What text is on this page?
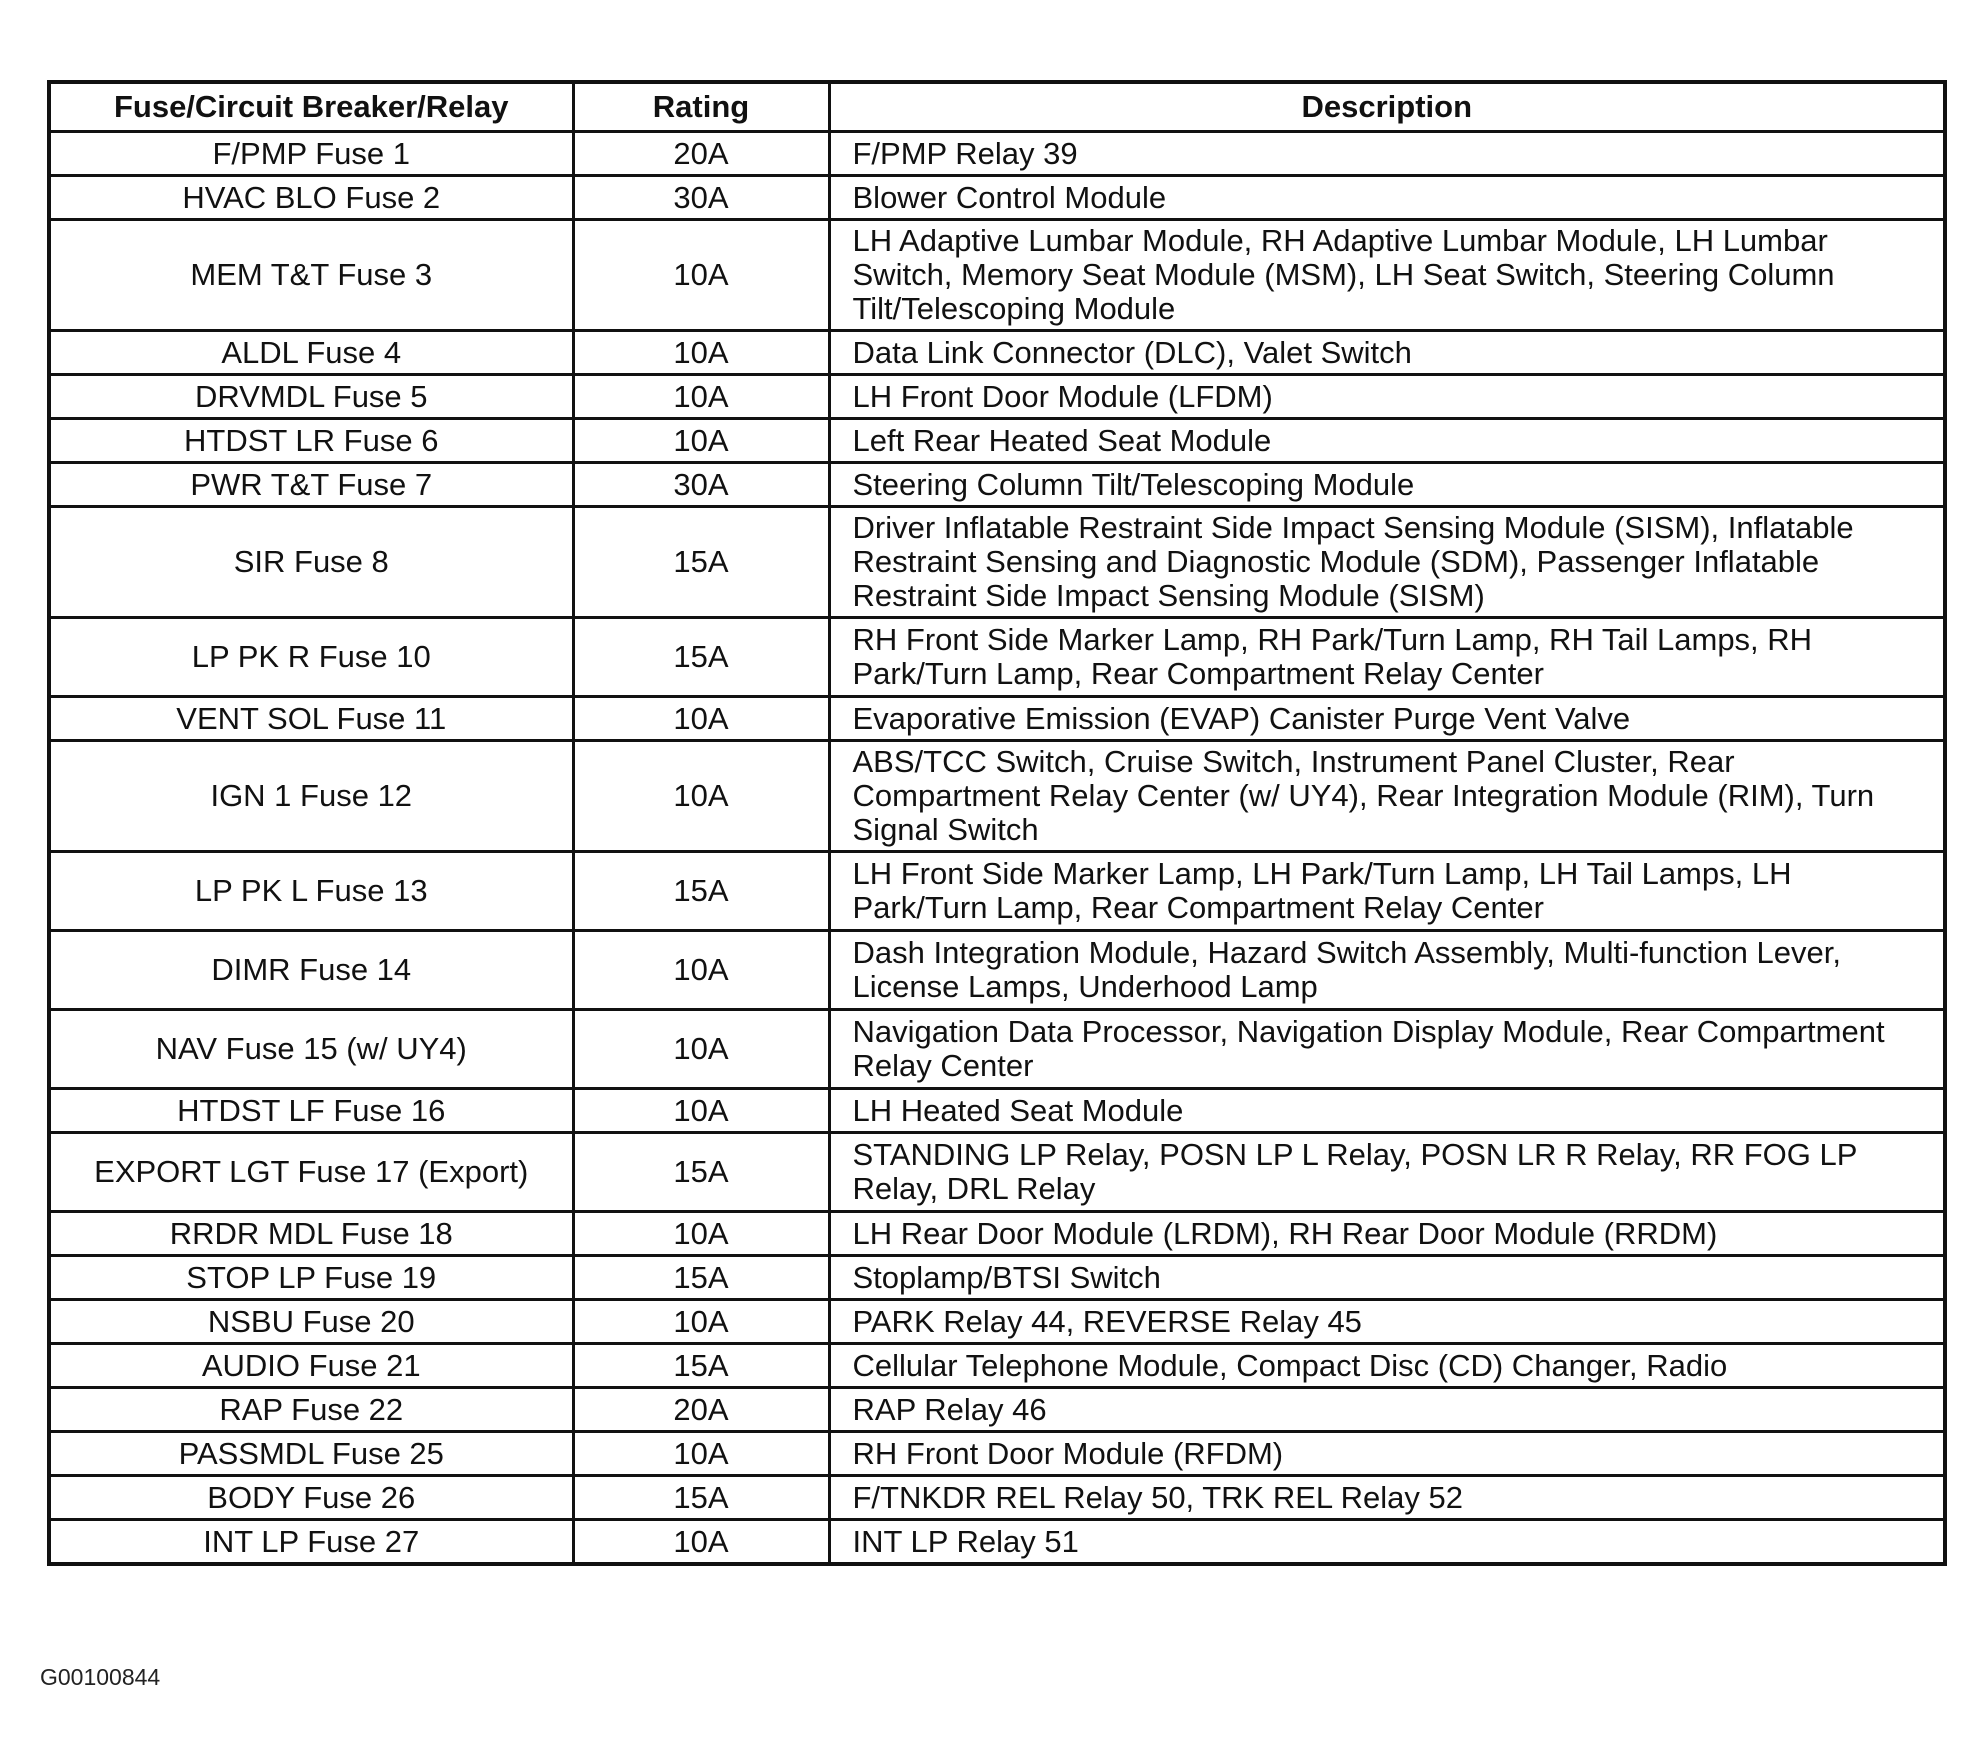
Fuse/Circuit Breaker/Relay	Rating	Description
F/PMP Fuse 1	20A	F/PMP Relay 39
HVAC BLO Fuse 2	30A	Blower Control Module
MEM T&T Fuse 3	10A	LH Adaptive Lumbar Module, RH Adaptive Lumbar Module, LH Lumbar Switch, Memory Seat Module (MSM), LH Seat Switch, Steering Column Tilt/Telescoping Module
ALDL Fuse 4	10A	Data Link Connector (DLC), Valet Switch
DRVMDL Fuse 5	10A	LH Front Door Module (LFDM)
HTDST LR Fuse 6	10A	Left Rear Heated Seat Module
PWR T&T Fuse 7	30A	Steering Column Tilt/Telescoping Module
SIR Fuse 8	15A	Driver Inflatable Restraint Side Impact Sensing Module (SISM), Inflatable Restraint Sensing and Diagnostic Module (SDM), Passenger Inflatable Restraint Side Impact Sensing Module (SISM)
LP PK R Fuse 10	15A	RH Front Side Marker Lamp, RH Park/Turn Lamp, RH Tail Lamps, RH Park/Turn Lamp, Rear Compartment Relay Center
VENT SOL Fuse 11	10A	Evaporative Emission (EVAP) Canister Purge Vent Valve
IGN 1 Fuse 12	10A	ABS/TCC Switch, Cruise Switch, Instrument Panel Cluster, Rear Compartment Relay Center (w/ UY4), Rear Integration Module (RIM), Turn Signal Switch
LP PK L Fuse 13	15A	LH Front Side Marker Lamp, LH Park/Turn Lamp, LH Tail Lamps, LH Park/Turn Lamp, Rear Compartment Relay Center
DIMR Fuse 14	10A	Dash Integration Module, Hazard Switch Assembly, Multi-function Lever, License Lamps, Underhood Lamp
NAV Fuse 15 (w/ UY4)	10A	Navigation Data Processor, Navigation Display Module, Rear Compartment Relay Center
HTDST LF Fuse 16	10A	LH Heated Seat Module
EXPORT LGT Fuse 17 (Export)	15A	STANDING LP Relay, POSN LP L Relay, POSN LR R Relay, RR FOG LP Relay, DRL Relay
RRDR MDL Fuse 18	10A	LH Rear Door Module (LRDM), RH Rear Door Module (RRDM)
STOP LP Fuse 19	15A	Stoplamp/BTSI Switch
NSBU Fuse 20	10A	PARK Relay 44, REVERSE Relay 45
AUDIO Fuse 21	15A	Cellular Telephone Module, Compact Disc (CD) Changer, Radio
RAP Fuse 22	20A	RAP Relay 46
PASSMDL Fuse 25	10A	RH Front Door Module (RFDM)
BODY Fuse 26	15A	F/TNKDR REL Relay 50, TRK REL Relay 52
INT LP Fuse 27	10A	INT LP Relay 51
G00100844
